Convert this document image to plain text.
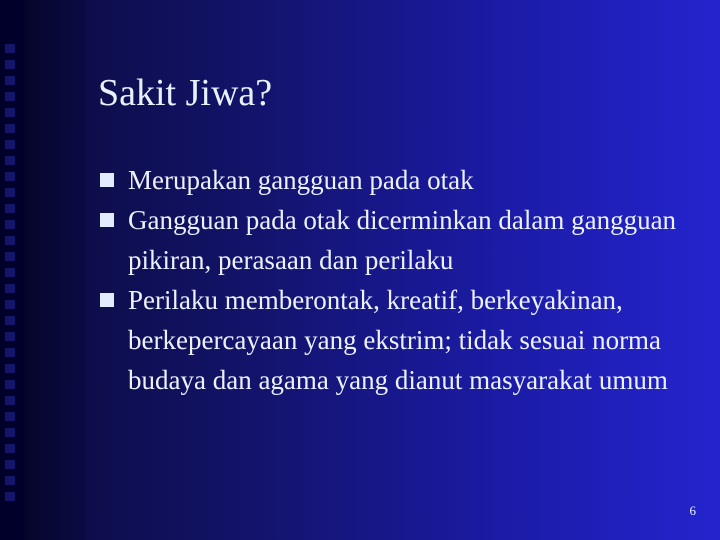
Sakit Jiwa?
Merupakan gangguan pada otak
Gangguan pada otak dicerminkan dalam gangguan pikiran, perasaan dan perilaku
Perilaku memberontak, kreatif, berkeyakinan, berkepercayaan yang ekstrim; tidak sesuai norma budaya dan agama yang dianut masyarakat umum
6
